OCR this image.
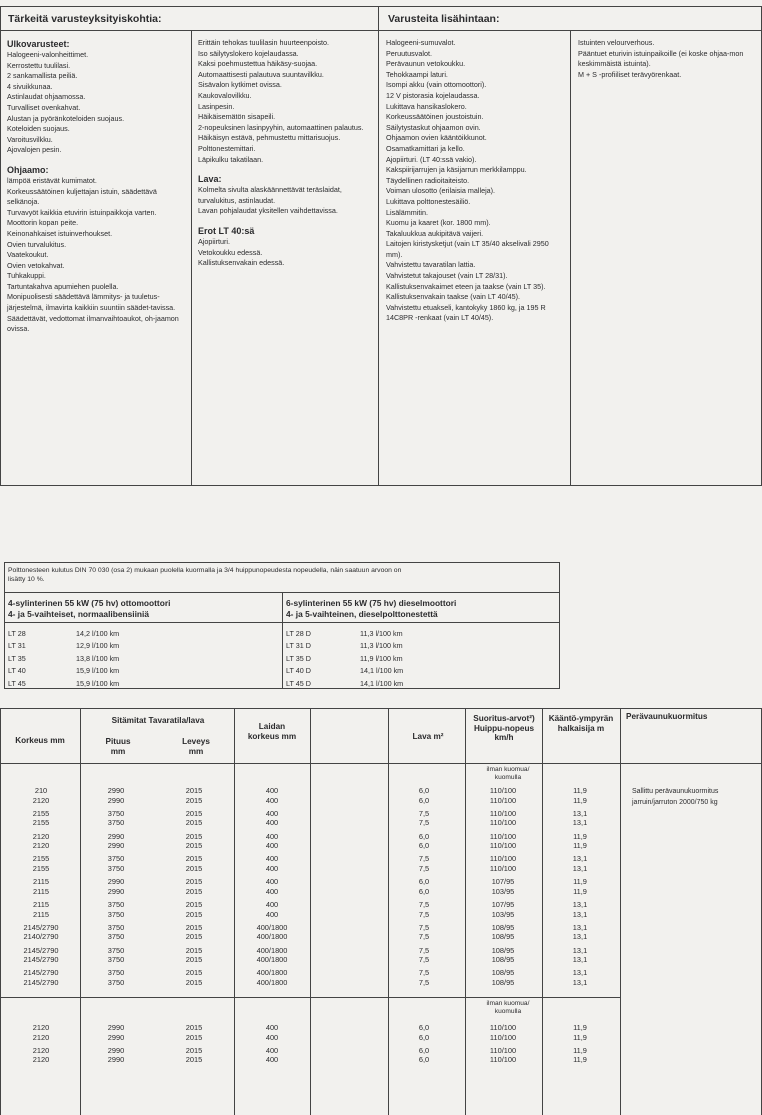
Tärkeitä varusteyksityiskohtia:	Varusteita lisähintaan:
Ulkovarusteet:
Halogeeni-valonheittimet.
Kerrostettu tuulilasi.
2 sankamallista peiliä.
4 sivuikkunaa.
Astinlaudat ohjaamossa.
Turvalliset ovenkahvat.
Alustan ja pyöränkoteloiden suojaus.
Koteloiden suojaus.
Varoitusvilkku.
Ajovalojen pesin.
Ohjaamo:
lämpöä eristävät kumimatot.
Korkeussäätöinen kuljettajan istuin, säädettävä selkänoja.
Turvavyöt kaikkia etuvirin istuinpaikkoja varten.
Moottorin kopan peite.
Keinonahkaiset istuinverhoukset.
Ovien turvalukitus.
Vaatekoukut.
Ovien vetokahvat.
Tuhkakuppi.
Tartuntakahva apumiehen puolella.
Monipuolisesti säädettävä lämmitys- ja tuuletus-järjestelmä, ilmavirta kaikkiin suuntiin säädet-tavissa.
Säädettävät, vedottomat ilmanvaihtoaukot, oh-jaamon ovissa.
Erittäin tehokas tuulilasin huurteenpoisto.
Iso säilytyslokero kojelaudassa.
Kaksi poehmustettua häikäsy-suojaa.
Automaattisesti palautuva suuntavilkku.
Sisävalon kytkimet ovissa.
Kaukovalovilkku.
Lasinpesin.
Häikäisemätön sisapeili.
2-nopeuksinen lasinpyyhin, automaattinen palautus.
Häikäisyn estävä, pehmustettu mittarisuojus.
Polttonestemittari.
Läpikulku takatilaan.
Lava:
Kolmelta sivulta alaskäännettävät teräslaidat, turvalukitus, astinlaudat.
Lavan pohjalaudat yksitellen vaihdettavissa.
Erot LT 40:sä
Ajopiirturi.
Vetokoukku edessä.
Kallistuksenvakain edessä.
Halogeeni-sumuvalot.
Peruutusvalot.
Perävaunun vetokoukku.
Tehokkaampi laturi.
Isompi akku (vain ottomoottori).
12 V pistorasia kojelaudassa.
Lukittava hansikaslokero.
Korkeussäätöinen joustoistuin.
Säilytystaskut ohjaamon ovin.
Ohjaamon ovien kääntöikkunot.
Osamatkamittari ja kello.
Ajopiirturi. (LT 40:ssä vakio).
Kakspiirijarrujen ja käsijarrun merkkilamppu.
Täydellinen radioitaiteisto.
Voiman ulosotto (erilaisia malleja).
Lukittava polttonestesäiliö.
Lisälämmitin.
Kuomu ja kaaret (kor. 1800 mm).
Takaluukkua aukipitävä vaijeri.
Laitojen kiristysketjut (vain LT 35/40 akselivali 2950 mm).
Vahvistettu tavaratilan lattia.
Vahvistetut takajouset (vain LT 28/31).
Kallistuksenvakaimet eteen ja taakse (vain LT 35).
Kallistuksenvakain taakse (vain LT 40/45).
Vahvistettu etuakseli, kantokyky 1860 kg, ja 195 R 14C8PR -renkaat (vain LT 40/45).
Istuinten velourverhous.
Pääntuet eturivin istuinpaikoille (ei koske ohjaa-mon keskimmäistä istuinta).
M + S -profiiliset terävyörenkaat.
Polttonesteen kulutus DIN 70 030 (osa 2) mukaan puolella kuormalla ja 3/4 huippunopeudesta nopeudella, näin saatuun arvoon on lisätty 10 %.
4-sylinterinen 55 kW (75 hv) ottomoottori
4- ja 5-vaihteiset, normaalibensiiniä
6-sylinterinen 55 kW (75 hv) dieselmoottori
4- ja 5-vaihteinen, dieselpolttonestettä
LT 28	14,2 l/100 km
LT 31	12,9 l/100 km
LT 35	13,8 l/100 km
LT 40	15,9 l/100 km
LT 45	15,9 l/100 km
LT 28 D	11,3 l/100 km
LT 31 D	11,3 l/100 km
LT 35 D	11,9 l/100 km
LT 40 D	14,1 l/100 km
LT 45 D	14,1 l/100 km
Korkeus mm
Sitämitat Tavaratila/lava
Pituus mm
Leveys mm
Laidan korkeus mm	Lava m²
Suoritus-arvot²) Huippu-nopeus km/h
Kääntö-ympyrän halkaisija m
Perävaunukuormitus
ilman kuomua/ kuomulla
Sallittu perävaunukuormitus jarruin/jarruton 2000/750 kg
210	2990	2015	400	6,0	110/100	11,9
2120	2990	2015	400	6,0	110/100	11,9
2155	3750	2015	400	7,5	110/100	13,1
2155	3750	2015	400	7,5	110/100	13,1
2120	2990	2015	400	6,0	110/100	11,9
2120	2990	2015	400	6,0	110/100	11,9
2155	3750	2015	400	7,5	110/100	13,1
2155	3750	2015	400	7,5	110/100	13,1
2115	2990	2015	400	6,0	107/95	11,9
2115	2990	2015	400	6,0	103/95	11,9
2115	3750	2015	400	7,5	107/95	13,1
2115	3750	2015	400	7,5	103/95	13,1
2145/2790	3750	2015	400/1800	7,5	108/95	13,1
2140/2790	3750	2015	400/1800	7,5	108/95	13,1
2145/2790	3750	2015	400/1800	7,5	108/95	13,1
2145/2790	3750	2015	400/1800	7,5	108/95	13,1
2145/2790	3750	2015	400/1800	7,5	108/95	13,1
2145/2790	3750	2015	400/1800	7,5	108/95	13,1
ilman kuomua/ kuomulla
2120	2990	2015	400	6,0	110/100	11,9
2120	2990	2015	400	6,0	110/100	11,9
2120	2990	2015	400	6,0	110/100	11,9
2120	2990	2015	400	6,0	110/100	11,9
